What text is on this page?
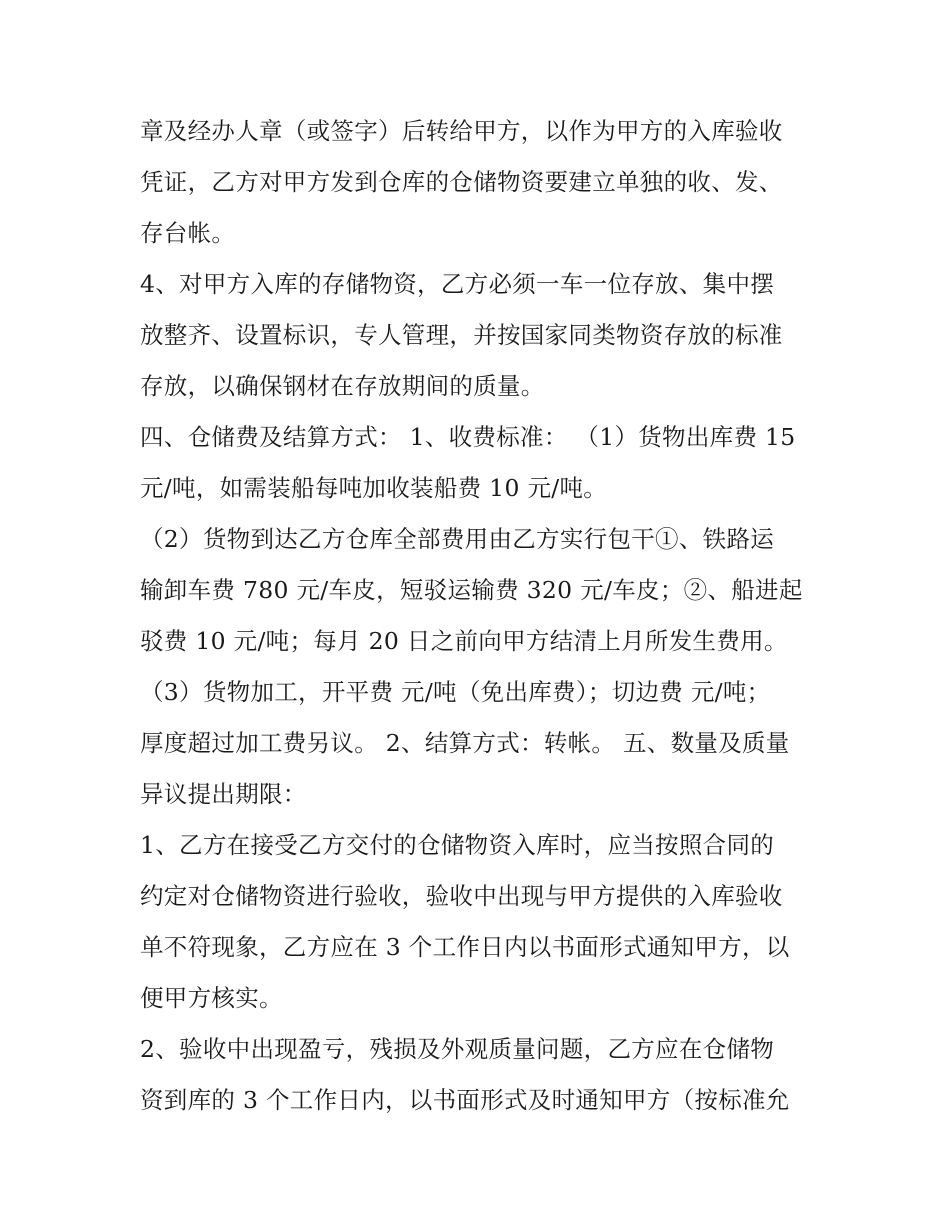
章及经办人章（或签字）后转给甲方，以作为甲方的入库验收
凭证，乙方对甲方发到仓库的仓储物资要建立单独的收、发、
存台帐。
4、对甲方入库的存储物资，乙方必须一车一位存放、集中摆
放整齐、设置标识，专人管理，并按国家同类物资存放的标准
存放，以确保钢材在存放期间的质量。
四、仓储费及结算方式： 1、收费标准： （1）货物出库费 15
元/吨，如需装船每吨加收装船费 10 元/吨。
（2）货物到达乙方仓库全部费用由乙方实行包干①、铁路运
输卸车费 780 元/车皮，短驳运输费 320 元/车皮；②、船进起
驳费 10 元/吨；每月 20 日之前向甲方结清上月所发生费用。
（3）货物加工，开平费 元/吨（免出库费）；切边费 元/吨；
厚度超过加工费另议。 2、结算方式：转帐。 五、数量及质量
异议提出期限：
1、乙方在接受乙方交付的仓储物资入库时，应当按照合同的
约定对仓储物资进行验收，验收中出现与甲方提供的入库验收
单不符现象，乙方应在 3 个工作日内以书面形式通知甲方，以
便甲方核实。
2、验收中出现盈亏，残损及外观质量问题，乙方应在仓储物
资到库的 3 个工作日内，以书面形式及时通知甲方（按标准允
